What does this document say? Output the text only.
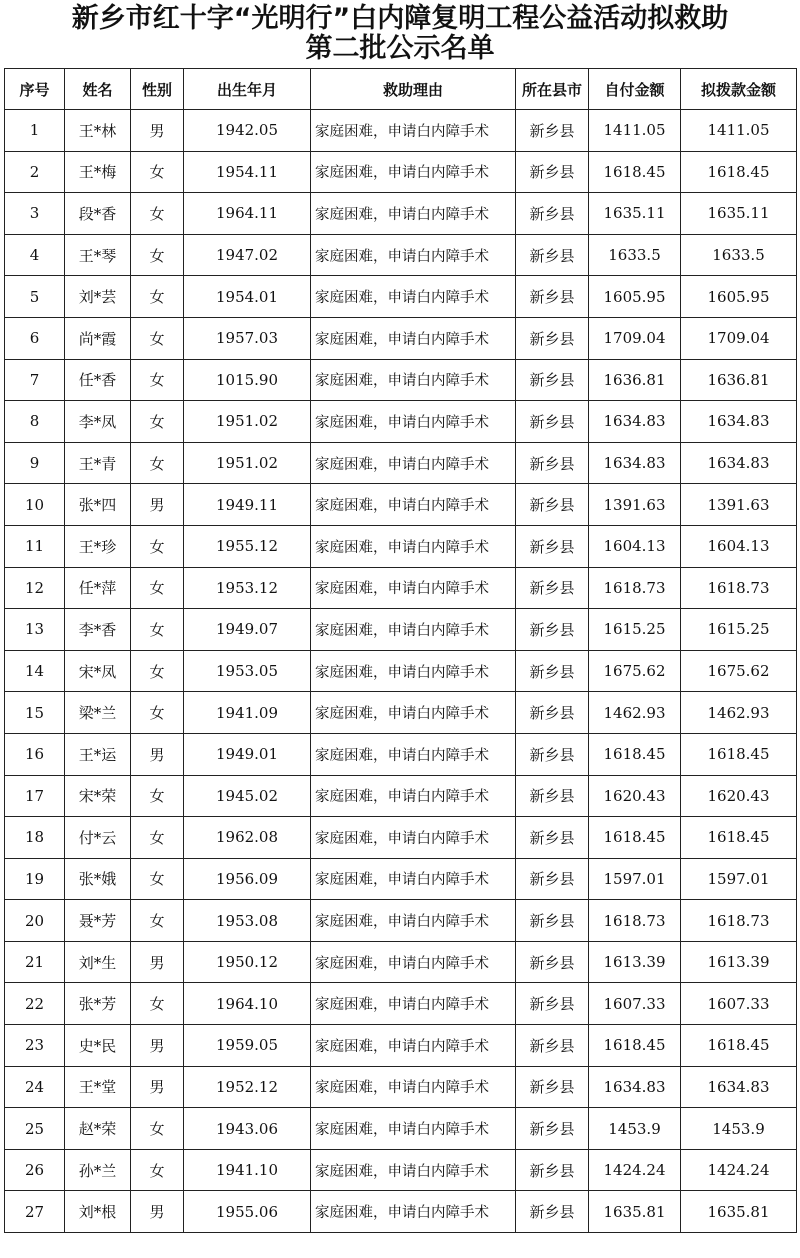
新乡市红十字“光明行”白内障复明工程公益活动拟救助
第二批公示名单
序号	姓名	性别	出生年月	救助理由	所在县市	自付金额	拟拨款金额
1	王*林	男	1942.05	家庭困难，申请白内障手术	新乡县	1411.05	1411.05
2	王*梅	女	1954.11	家庭困难，申请白内障手术	新乡县	1618.45	1618.45
3	段*香	女	1964.11	家庭困难，申请白内障手术	新乡县	1635.11	1635.11
4	王*琴	女	1947.02	家庭困难，申请白内障手术	新乡县	1633.5	1633.5
5	刘*芸	女	1954.01	家庭困难，申请白内障手术	新乡县	1605.95	1605.95
6	尚*霞	女	1957.03	家庭困难，申请白内障手术	新乡县	1709.04	1709.04
7	任*香	女	1015.90	家庭困难，申请白内障手术	新乡县	1636.81	1636.81
8	李*凤	女	1951.02	家庭困难，申请白内障手术	新乡县	1634.83	1634.83
9	王*青	女	1951.02	家庭困难，申请白内障手术	新乡县	1634.83	1634.83
10	张*四	男	1949.11	家庭困难，申请白内障手术	新乡县	1391.63	1391.63
11	王*珍	女	1955.12	家庭困难，申请白内障手术	新乡县	1604.13	1604.13
12	任*萍	女	1953.12	家庭困难，申请白内障手术	新乡县	1618.73	1618.73
13	李*香	女	1949.07	家庭困难，申请白内障手术	新乡县	1615.25	1615.25
14	宋*凤	女	1953.05	家庭困难，申请白内障手术	新乡县	1675.62	1675.62
15	梁*兰	女	1941.09	家庭困难，申请白内障手术	新乡县	1462.93	1462.93
16	王*运	男	1949.01	家庭困难，申请白内障手术	新乡县	1618.45	1618.45
17	宋*荣	女	1945.02	家庭困难，申请白内障手术	新乡县	1620.43	1620.43
18	付*云	女	1962.08	家庭困难，申请白内障手术	新乡县	1618.45	1618.45
19	张*娥	女	1956.09	家庭困难，申请白内障手术	新乡县	1597.01	1597.01
20	聂*芳	女	1953.08	家庭困难，申请白内障手术	新乡县	1618.73	1618.73
21	刘*生	男	1950.12	家庭困难，申请白内障手术	新乡县	1613.39	1613.39
22	张*芳	女	1964.10	家庭困难，申请白内障手术	新乡县	1607.33	1607.33
23	史*民	男	1959.05	家庭困难，申请白内障手术	新乡县	1618.45	1618.45
24	王*堂	男	1952.12	家庭困难，申请白内障手术	新乡县	1634.83	1634.83
25	赵*荣	女	1943.06	家庭困难，申请白内障手术	新乡县	1453.9	1453.9
26	孙*兰	女	1941.10	家庭困难，申请白内障手术	新乡县	1424.24	1424.24
27	刘*根	男	1955.06	家庭困难，申请白内障手术	新乡县	1635.81	1635.81
